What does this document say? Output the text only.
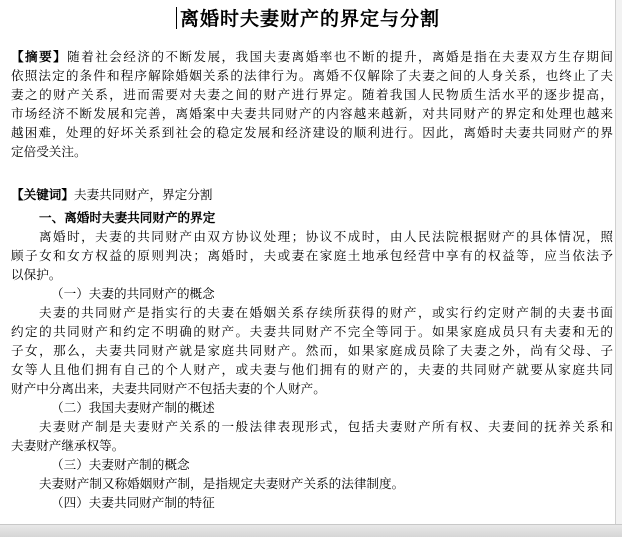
离婚时夫妻财产的界定与分割
【摘要】随着社会经济的不断发展，我国夫妻离婚率也不断的提升，离婚是指在夫妻双方生存期间
依照法定的条件和程序解除婚姻关系的法律行为。离婚不仅解除了夫妻之间的人身关系，也终止了夫
妻之的财产关系，进而需要对夫妻之间的财产进行界定。随着我国人民物质生活水平的逐步提高，
市场经济不断发展和完善，离婚案中夫妻共同财产的内容越来越新，对共同财产的界定和处理也越来
越困难，处理的好坏关系到社会的稳定发展和经济建设的顺利进行。因此，离婚时夫妻共同财产的界
定倍受关注。
【关键词】夫妻共同财产，界定分割
一、离婚时夫妻共同财产的界定
离婚时，夫妻的共同财产由双方协议处理；协议不成时，由人民法院根据财产的具体情况，照
顾子女和女方权益的原则判决；离婚时，夫或妻在家庭土地承包经营中享有的权益等，应当依法予
以保护。
（一）夫妻的共同财产的概念
夫妻的共同财产是指实行的夫妻在婚姻关系存续所获得的财产，或实行约定财产制的夫妻书面
约定的共同财产和约定不明确的财产。夫妻共同财产不完全等同于。如果家庭成员只有夫妻和无的
子女，那么，夫妻共同财产就是家庭共同财产。然而，如果家庭成员除了夫妻之外，尚有父母、子
女等人且他们拥有自己的个人财产，或夫妻与他们拥有的财产的，夫妻的共同财产就要从家庭共同
财产中分离出来，夫妻共同财产不包括夫妻的个人财产。
（二）我国夫妻财产制的概述
夫妻财产制是夫妻财产关系的一般法律表现形式，包括夫妻财产所有权、夫妻间的抚养关系和
夫妻财产继承权等。
（三）夫妻财产制的概念
夫妻财产制又称婚姻财产制，是指规定夫妻财产关系的法律制度。
（四）夫妻共同财产制的特征
